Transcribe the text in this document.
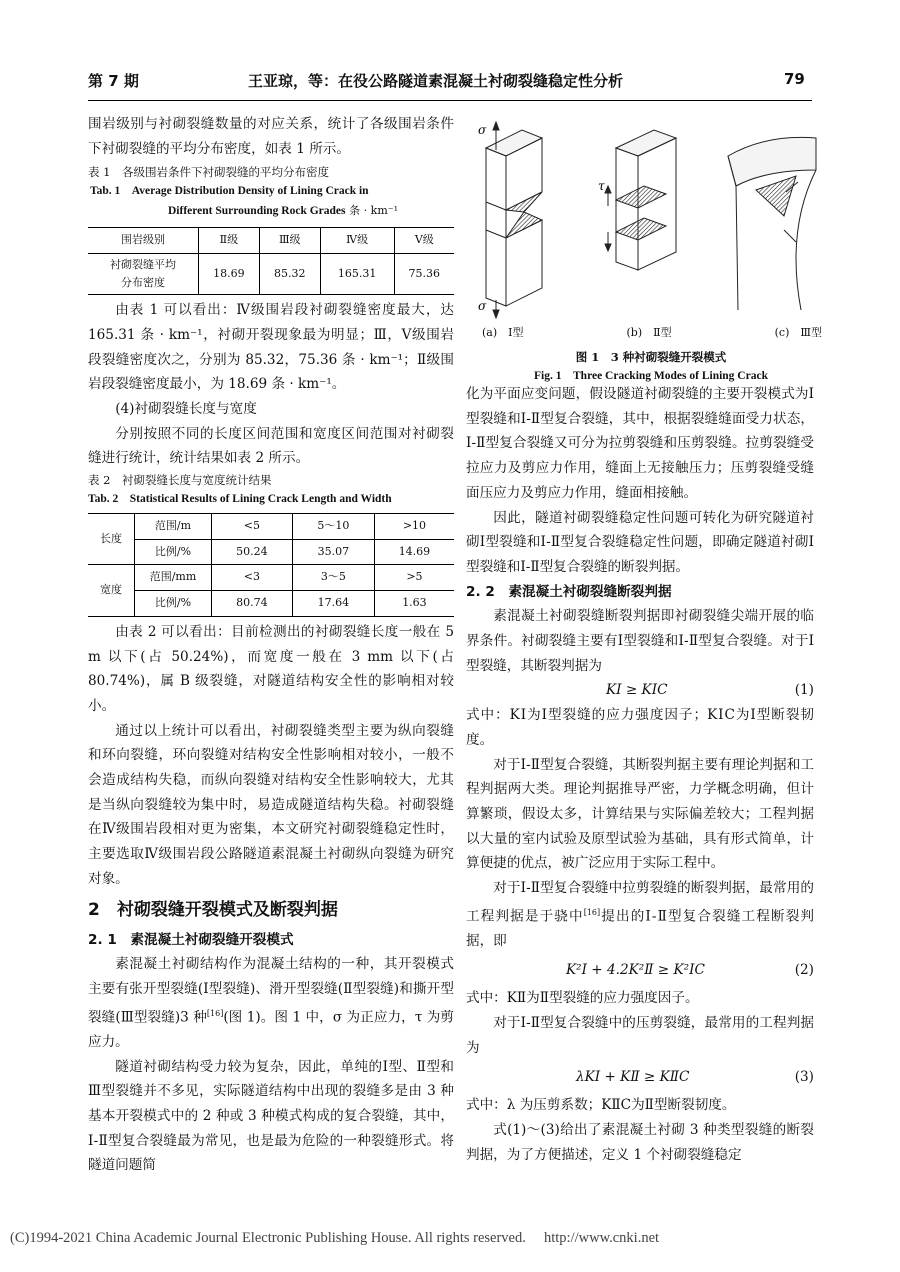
第 7 期	王亚琼，等：在役公路隧道素混凝土衬砌裂缝稳定性分析	79

围岩级别与衬砌裂缝数量的对应关系，统计了各级围岩条件下衬砌裂缝的平均分布密度，如表 1 所示。

表 1　各级围岩条件下衬砌裂缝的平均分布密度

Tab. 1　Average Distribution Density of Lining Crack in

Different Surrounding Rock Grades 条 · km⁻¹

围岩级别	Ⅱ级	Ⅲ级	Ⅳ级	Ⅴ级
衬砌裂缝平均分布密度	18.69	85.32	165.31	75.36

由表 1 可以看出：Ⅳ级围岩段衬砌裂缝密度最大，达 165.31 条 · km⁻¹，衬砌开裂现象最为明显；Ⅲ，Ⅴ级围岩段裂缝密度次之，分别为 85.32，75.36 条 · km⁻¹；Ⅱ级围岩段裂缝密度最小，为 18.69 条 · km⁻¹。

(4)衬砌裂缝长度与宽度

分别按照不同的长度区间范围和宽度区间范围对衬砌裂缝进行统计，统计结果如表 2 所示。

表 2　衬砌裂缝长度与宽度统计结果

Tab. 2　Statistical Results of Lining Crack Length and Width

长度	范围/m	<5	5～10	>10
	比例/%	50.24	35.07	14.69
宽度	范围/mm	<3	3～5	>5
	比例/%	80.74	17.64	1.63

由表 2 可以看出：目前检测出的衬砌裂缝长度一般在 5 m 以下(占 50.24%)，而宽度一般在 3 mm 以下(占 80.74%)，属 B 级裂缝，对隧道结构安全性的影响相对较小。

通过以上统计可以看出，衬砌裂缝类型主要为纵向裂缝和环向裂缝，环向裂缝对结构安全性影响相对较小，一般不会造成结构失稳，而纵向裂缝对结构安全性影响较大，尤其是当纵向裂缝较为集中时，易造成隧道结构失稳。衬砌裂缝在Ⅳ级围岩段相对更为密集，本文研究衬砌裂缝稳定性时，主要选取Ⅳ级围岩段公路隧道素混凝土衬砌纵向裂缝为研究对象。

2　衬砌裂缝开裂模式及断裂判据

2. 1　素混凝土衬砌裂缝开裂模式

素混凝土衬砌结构作为混凝土结构的一种，其开裂模式主要有张开型裂缝(Ⅰ型裂缝)、滑开型裂缝(Ⅱ型裂缝)和撕开型裂缝(Ⅲ型裂缝)3 种[16](图 1)。图 1 中，σ 为正应力，τ 为剪应力。

隧道衬砌结构受力较为复杂，因此，单纯的Ⅰ型、Ⅱ型和Ⅲ型裂缝并不多见，实际隧道结构中出现的裂缝多是由 3 种基本开裂模式中的 2 种或 3 种模式构成的复合裂缝，其中，Ⅰ-Ⅱ型复合裂缝最为常见，也是最为危险的一种裂缝形式。将隧道问题简

σ
σ
τ
(a)　Ⅰ型	(b)　Ⅱ型	(c)　Ⅲ型

图 1　3 种衬砌裂缝开裂模式

Fig. 1　Three Cracking Modes of Lining Crack

化为平面应变问题，假设隧道衬砌裂缝的主要开裂模式为Ⅰ型裂缝和Ⅰ-Ⅱ型复合裂缝，其中，根据裂缝缝面受力状态，Ⅰ-Ⅱ型复合裂缝又可分为拉剪裂缝和压剪裂缝。拉剪裂缝受拉应力及剪应力作用，缝面上无接触压力；压剪裂缝受缝面压应力及剪应力作用，缝面相接触。

因此，隧道衬砌裂缝稳定性问题可转化为研究隧道衬砌Ⅰ型裂缝和Ⅰ-Ⅱ型复合裂缝稳定性问题，即确定隧道衬砌Ⅰ型裂缝和Ⅰ-Ⅱ型复合裂缝的断裂判据。

2. 2　素混凝土衬砌裂缝断裂判据

素混凝土衬砌裂缝断裂判据即衬砌裂缝尖端开展的临界条件。衬砌裂缝主要有Ⅰ型裂缝和Ⅰ-Ⅱ型复合裂缝。对于Ⅰ型裂缝，其断裂判据为

KⅠ ≥ KⅠC	(1)

式中：KⅠ为Ⅰ型裂缝的应力强度因子；KⅠC为Ⅰ型断裂韧度。

对于Ⅰ-Ⅱ型复合裂缝，其断裂判据主要有理论判据和工程判据两大类。理论判据推导严密，力学概念明确，但计算繁琐，假设太多，计算结果与实际偏差较大；工程判据以大量的室内试验及原型试验为基础，具有形式简单，计算便捷的优点，被广泛应用于实际工程中。

对于Ⅰ-Ⅱ型复合裂缝中拉剪裂缝的断裂判据，最常用的工程判据是于骁中[16]提出的Ⅰ-Ⅱ型复合裂缝工程断裂判据，即

K²Ⅰ + 4.2K²Ⅱ ≥ K²ⅠC	(2)

式中：KⅡ为Ⅱ型裂缝的应力强度因子。

对于Ⅰ-Ⅱ型复合裂缝中的压剪裂缝，最常用的工程判据为

λKⅠ + KⅡ ≥ KⅡC	(3)

式中：λ 为压剪系数；KⅡC为Ⅱ型断裂韧度。

式(1)～(3)给出了素混凝土衬砌 3 种类型裂缝的断裂判据，为了方便描述，定义 1 个衬砌裂缝稳定

(C)1994-2021 China Academic Journal Electronic Publishing House. All rights reserved.　 http://www.cnki.net
